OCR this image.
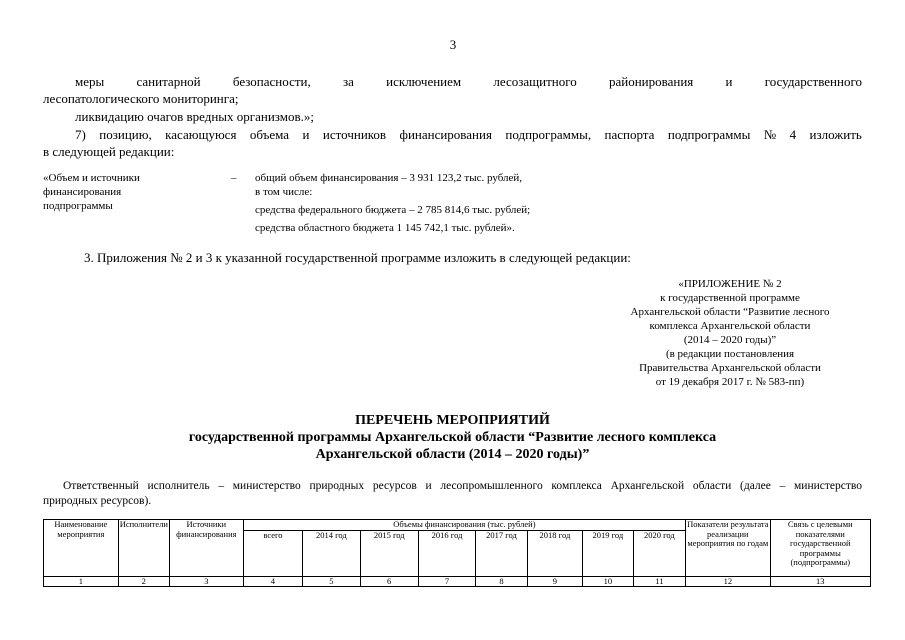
3
меры санитарной безопасности, за исключением лесозащитного районирования и государственного
лесопатологического мониторинга;
ликвидацию очагов вредных организмов.»;
7) позицию, касающуюся объема и источников финансирования подпрограммы, паспорта подпрограммы № 4 изложить
в следующей редакции:
«Объем и источники
финансирования
подпрограммы
– общий объем финансирования – 3 931 123,2 тыс. рублей,
в том числе:
средства федерального бюджета – 2 785 814,6 тыс. рублей;
средства областного бюджета 1 145 742,1 тыс. рублей».
3. Приложения № 2 и 3 к указанной государственной программе изложить в следующей редакции:
«ПРИЛОЖЕНИЕ № 2
к государственной программе
Архангельской области “Развитие лесного
комплекса Архангельской области
(2014 – 2020 годы)”
(в редакции постановления
Правительства Архангельской области
от 19 декабря 2017 г. № 583-пп)
ПЕРЕЧЕНЬ МЕРОПРИЯТИЙ
государственной программы Архангельской области “Развитие лесного комплекса
Архангельской области (2014 – 2020 годы)”
Ответственный исполнитель – министерство природных ресурсов и лесопромышленного комплекса Архангельской области (далее – министерство
природных ресурсов).
Наименование мероприятия	Исполнители	Источники финансирования	Объемы финансирования (тыс. рублей)								Показатели результата реализации мероприятия по годам	Связь с целевыми показателями государственной программы (подпрограммы)
			всего	2014 год	2015 год	2016 год	2017 год	2018 год	2019 год	2020 год		
1	2	3	4	5	6	7	8	9	10	11	12	13
